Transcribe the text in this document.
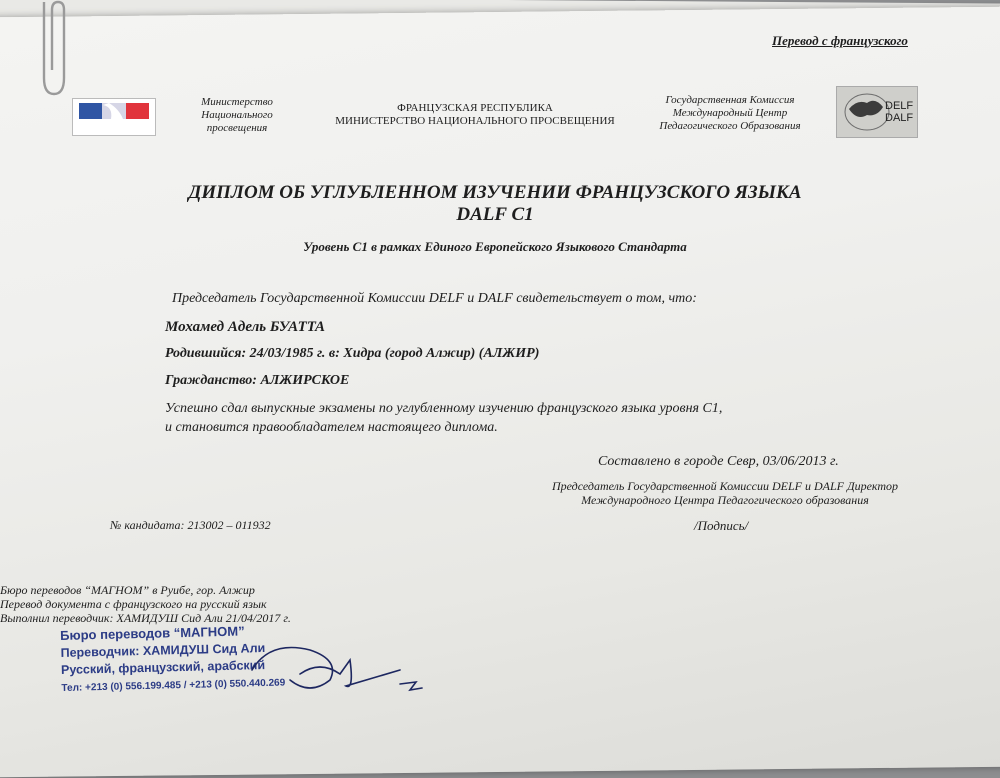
Перевод с французского
Министерство Национального просвещения
ФРАНЦУЗСКАЯ РЕСПУБЛИКА
МИНИСТЕРСТВО НАЦИОНАЛЬНОГО ПРОСВЕЩЕНИЯ
Государственная Комиссия Международный Центр Педагогического Образования
DELF
DALF
ДИПЛОМ ОБ УГЛУБЛЕННОМ ИЗУЧЕНИИ ФРАНЦУЗСКОГО ЯЗЫКА
DALF C1
Уровень С1 в рамках Единого Европейского Языкового Стандарта
Председатель Государственной Комиссии DELF и DALF свидетельствует о том, что:
Мохамед Адель БУАТТА
Родившийся: 24/03/1985 г. в: Хидра (город Алжир) (АЛЖИР)
Гражданство: АЛЖИРСКОЕ
Успешно сдал выпускные экзамены по углубленному изучению французского языка уровня С1,
и становится правообладателем настоящего диплома.
Составлено в городе Севр, 03/06/2013 г.
Председатель Государственной Комиссии DELF и DALF Директор Международного Центра Педагогического образования
№ кандидата: 213002 – 011932	/Подпись/
Бюро переводов “МАГНОМ” в Руибе, гор. Алжир
Перевод документа с французского на русский язык
Выполнил переводчик: ХАМИДУШ Сид Али 21/04/2017 г.
Бюро переводов “МАГНОМ”
Переводчик: ХАМИДУШ Сид Али
Русский, французский, арабский
Тел: +213 (0) 556.199.485 / +213 (0) 550.440.269
